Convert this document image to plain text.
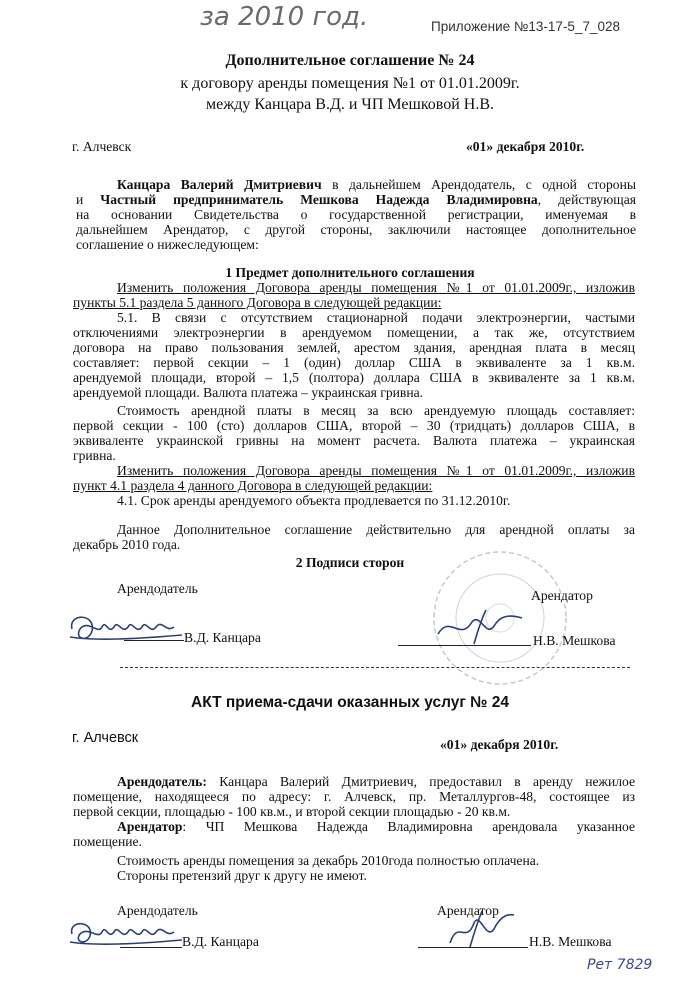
за 2010 год.	Приложение №13-17-5_7_028
Дополнительное соглашение № 24
к договору аренды помещения №1 от 01.01.2009г.
между Канцара В.Д. и ЧП Мешковой Н.В.
г. Алчевск	«01» декабря 2010г.
Канцара Валерий Дмитриевич в дальнейшем Арендодатель, с одной стороны
и Частный предприниматель Мешкова Надежда Владимировна, действующая
на основании Свидетельства о государственной регистрации, именуемая в
дальнейшем Арендатор, с другой стороны, заключили настоящее дополнительное
соглашение о нижеследующем:
1 Предмет дополнительного соглашения
Изменить положения Договора аренды помещения №1 от 01.01.2009г., изложив
пункты 5.1 раздела 5 данного Договора в следующей редакции:
5.1. В связи с отсутствием стационарной подачи электроэнергии, частыми
отключениями электроэнергии в арендуемом помещении, а так же, отсутствием
договора на право пользования землей, арестом здания, арендная плата в месяц
составляет: первой секции – 1 (один) доллар США в эквиваленте за 1 кв.м.
арендуемой площади, второй – 1,5 (полтора) доллара США в эквиваленте за 1 кв.м.
арендуемой площади. Валюта платежа – украинская гривна.
Стоимость арендной платы в месяц за всю арендуемую площадь составляет:
первой секции - 100 (сто) долларов США, второй – 30 (тридцать) долларов США, в
эквиваленте украинской гривны на момент расчета. Валюта платежа – украинская
гривна.
Изменить положения Договора аренды помещения №1 от 01.01.2009г., изложив
пункт 4.1 раздела 4 данного Договора в следующей редакции:
4.1. Срок аренды арендуемого объекта продлевается по 31.12.2010г.
Данное Дополнительное соглашение действительно для арендной оплаты за
декабрь 2010 года.
2 Подписи сторон
Арендодатель	Арендатор
В.Д. Канцара	Н.В. Мешкова
АКТ приема-сдачи оказанных услуг № 24
г. Алчевск	«01» декабря 2010г.
Арендодатель: Канцара Валерий Дмитриевич, предоставил в аренду нежилое
помещение, находящееся по адресу: г. Алчевск, пр. Металлургов-48, состоящее из
первой секции, площадью - 100 кв.м., и второй секции площадью - 20 кв.м.
Арендатор: ЧП Мешкова Надежда Владимировна арендовала указанное
помещение.
Стоимость аренды помещения за декабрь 2010года полностью оплачена.
Стороны претензий друг к другу не имеют.
Арендодатель	Арендатор
В.Д. Канцара	Н.В. Мешкова
Рет 7829
